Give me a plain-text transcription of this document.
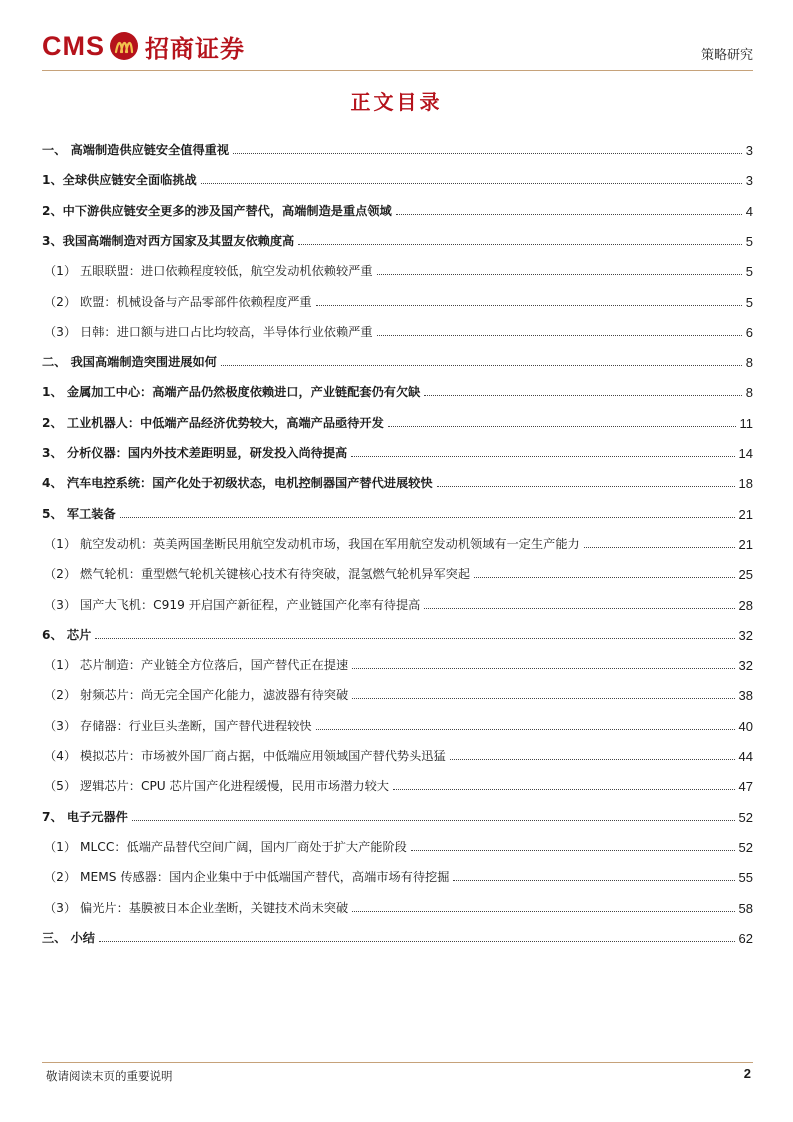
CMS 招商证券	策略研究
正文目录
一、 高端制造供应链安全值得重视	3
1、全球供应链安全面临挑战	3
2、中下游供应链安全更多的涉及国产替代，高端制造是重点领域	4
3、我国高端制造对西方国家及其盟友依赖度高	5
（1） 五眼联盟：进口依赖程度较低，航空发动机依赖较严重	5
（2） 欧盟：机械设备与产品零部件依赖程度严重	5
（3） 日韩：进口额与进口占比均较高，半导体行业依赖严重	6
二、 我国高端制造突围进展如何	8
1、 金属加工中心：高端产品仍然极度依赖进口，产业链配套仍有欠缺	8
2、 工业机器人：中低端产品经济优势较大，高端产品亟待开发	11
3、 分析仪器：国内外技术差距明显，研发投入尚待提高	14
4、 汽车电控系统：国产化处于初级状态，电机控制器国产替代进展较快	18
5、 军工装备	21
（1） 航空发动机：英美两国垄断民用航空发动机市场，我国在军用航空发动机领域有一定生产能力	21
（2） 燃气轮机：重型燃气轮机关键核心技术有待突破，混氢燃气轮机异军突起	25
（3） 国产大飞机：C919 开启国产新征程，产业链国产化率有待提高	28
6、 芯片	32
（1） 芯片制造：产业链全方位落后，国产替代正在提速	32
（2） 射频芯片：尚无完全国产化能力，滤波器有待突破	38
（3） 存储器：行业巨头垄断，国产替代进程较快	40
（4） 模拟芯片：市场被外国厂商占据，中低端应用领域国产替代势头迅猛	44
（5） 逻辑芯片：CPU 芯片国产化进程缓慢，民用市场潜力较大	47
7、 电子元器件	52
（1） MLCC：低端产品替代空间广阔，国内厂商处于扩大产能阶段	52
（2） MEMS 传感器：国内企业集中于中低端国产替代，高端市场有待挖掘	55
（3） 偏光片：基膜被日本企业垄断，关键技术尚未突破	58
三、 小结	62
敬请阅读末页的重要说明	2
